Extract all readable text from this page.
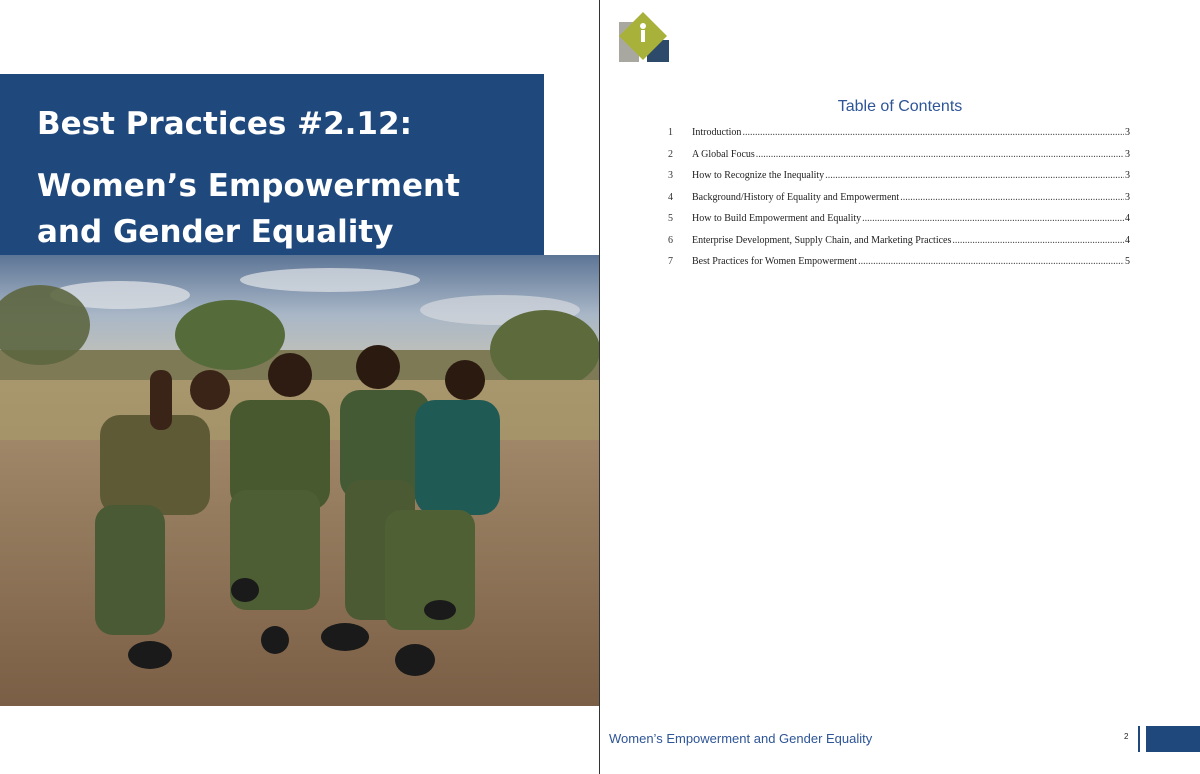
Best Practices #2.12:
Women’s Empowerment and Gender Equality
Table of Contents
1	Introduction .....	3
2	A Global Focus .....	3
3	How to Recognize the Inequality .....	3
4	Background/History of Equality and Empowerment .....	3
5	How to Build Empowerment and Equality .....	4
6	Enterprise Development, Supply Chain, and Marketing Practices .....	4
7	Best Practices for Women Empowerment .....	5
Women’s Empowerment and Gender Equality	2
